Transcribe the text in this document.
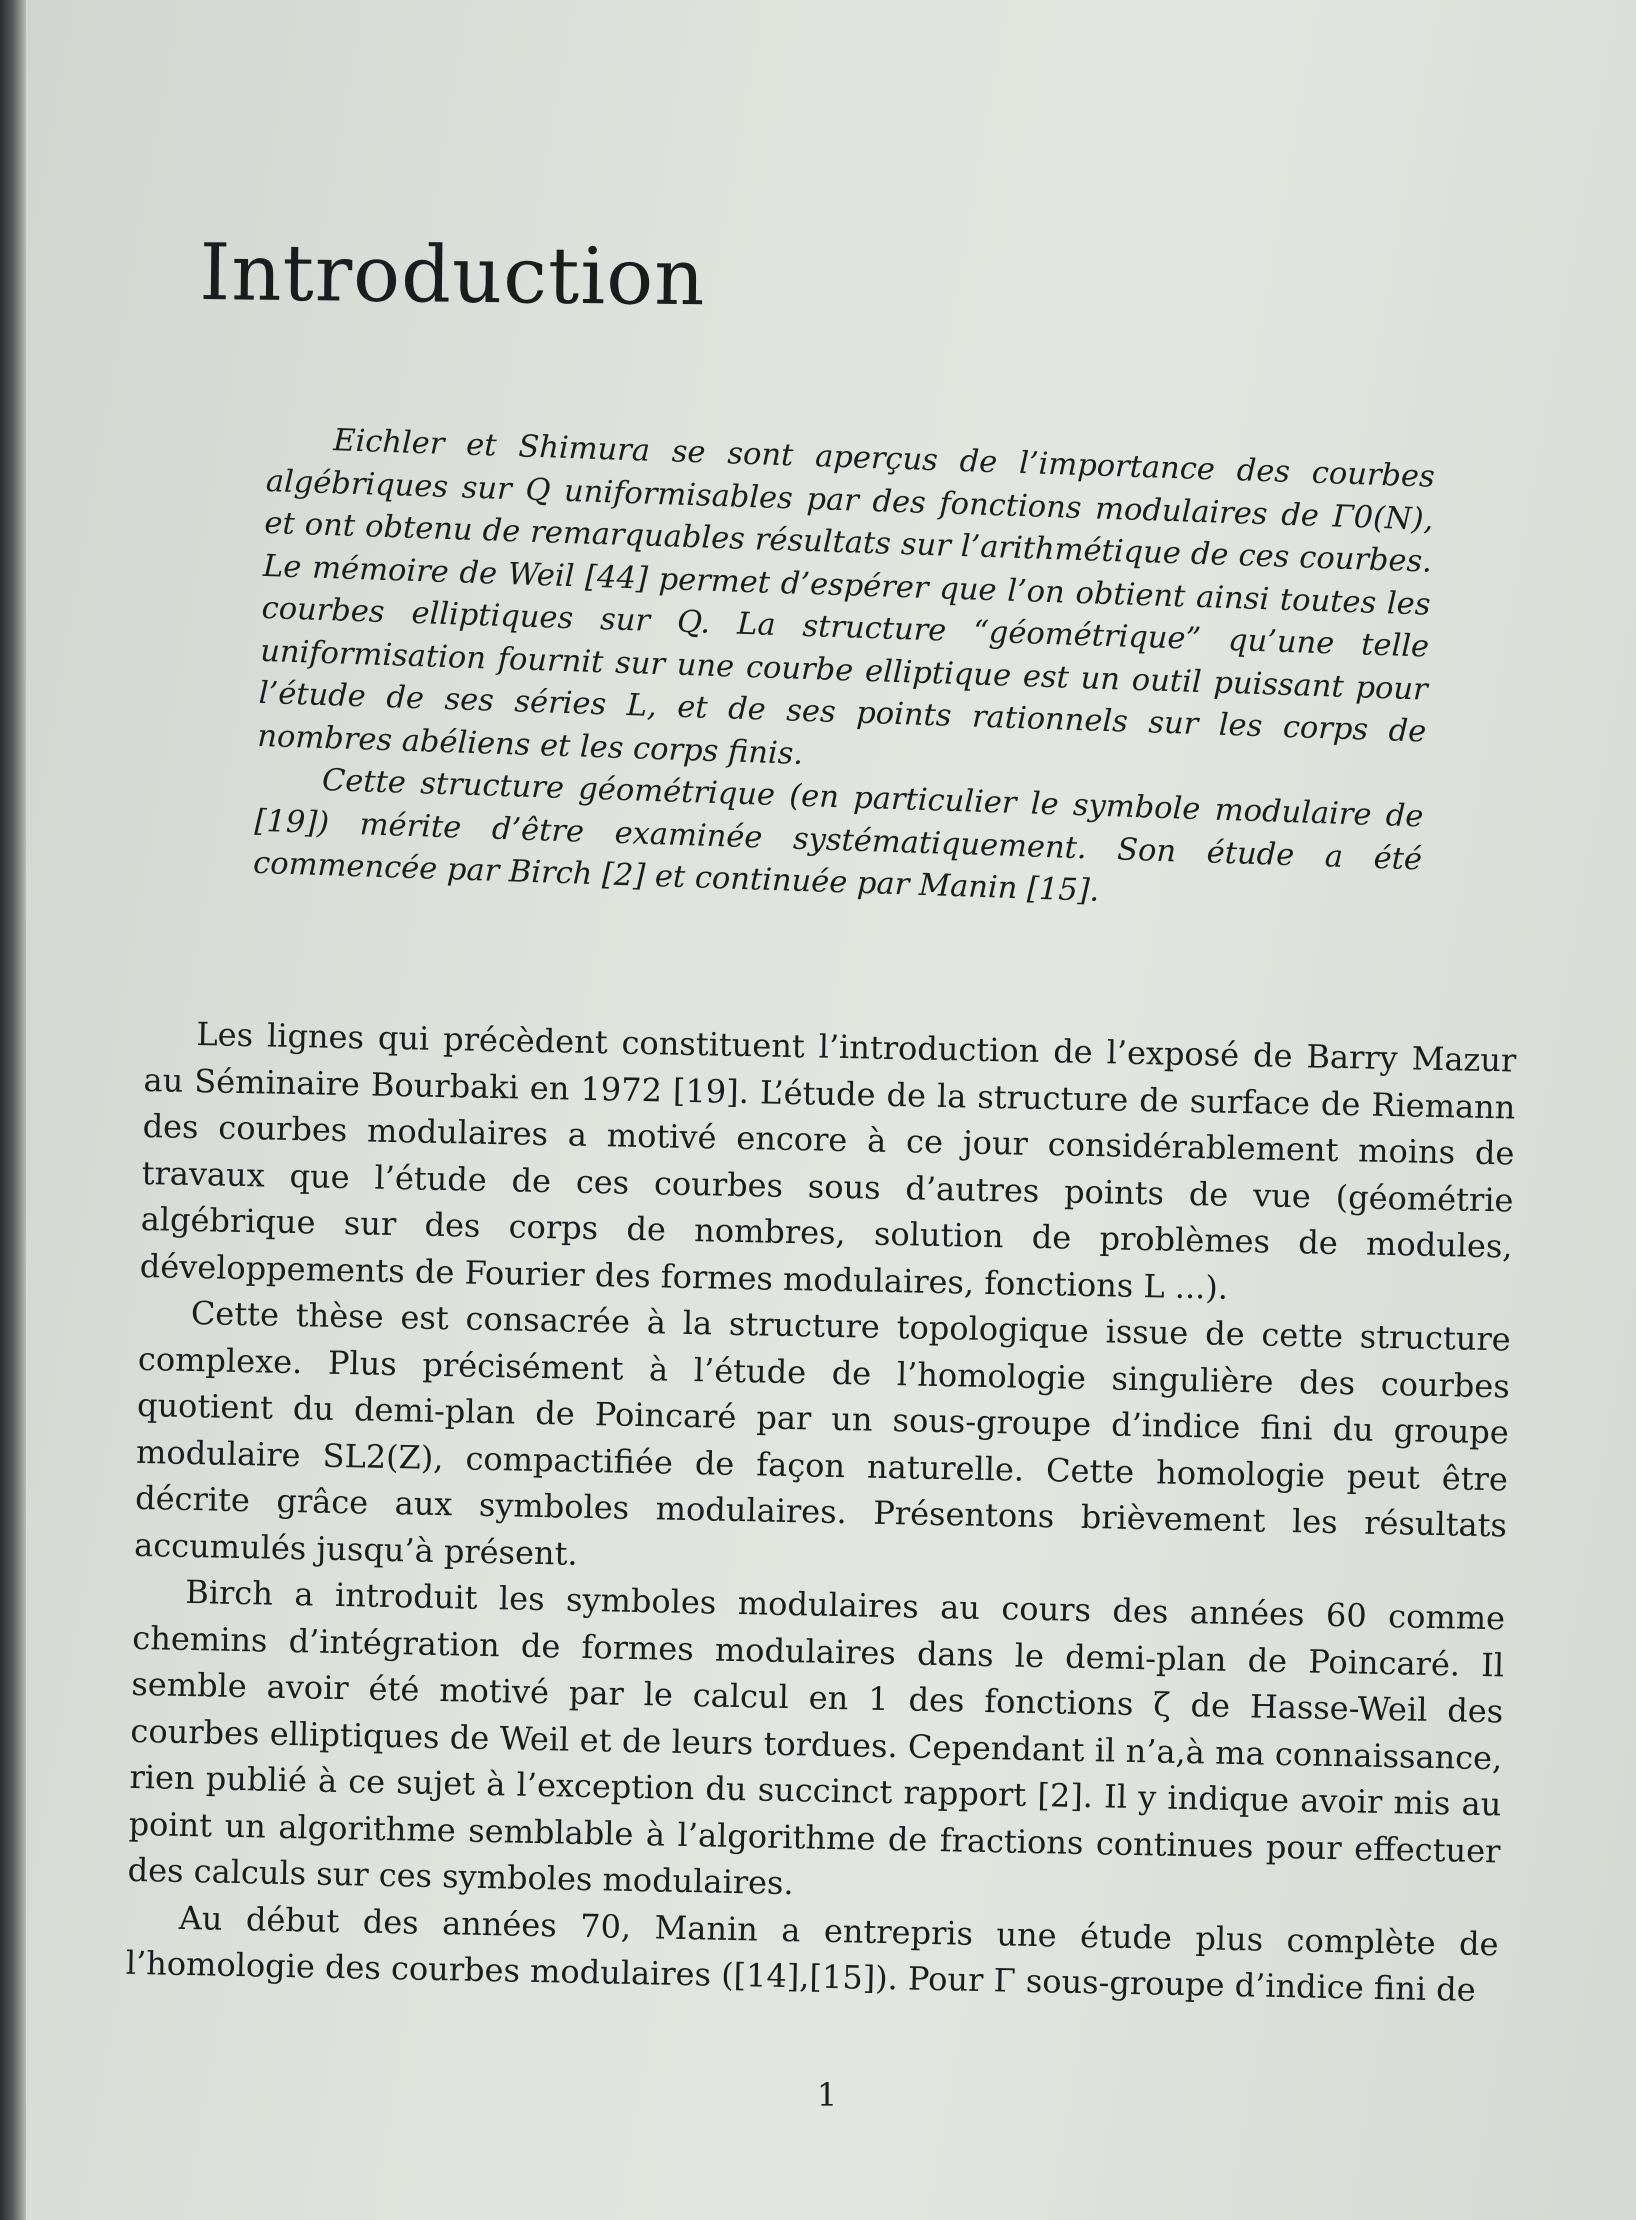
Introduction

Eichler et Shimura se sont aperçus de l’importance des courbes algébriques sur Q uniformisables par des fonctions modulaires de Γ0(N), et ont obtenu de remarquables résultats sur l’arithmétique de ces courbes. Le mémoire de Weil [44] permet d’espérer que l’on obtient ainsi toutes les courbes elliptiques sur Q. La structure “géométrique” qu’une telle uniformisation fournit sur une courbe elliptique est un outil puissant pour l’étude de ses séries L, et de ses points rationnels sur les corps de nombres abéliens et les corps finis.

Cette structure géométrique (en particulier le symbole modulaire de [19]) mérite d’être examinée systématiquement. Son étude a été commencée par Birch [2] et continuée par Manin [15].

Les lignes qui précèdent constituent l’introduction de l’exposé de Barry Mazur au Séminaire Bourbaki en 1972 [19]. L’étude de la structure de surface de Riemann des courbes modulaires a motivé encore à ce jour considérablement moins de travaux que l’étude de ces courbes sous d’autres points de vue (géométrie algébrique sur des corps de nombres, solution de problèmes de modules, développements de Fourier des formes modulaires, fonctions L ...).

Cette thèse est consacrée à la structure topologique issue de cette structure complexe. Plus précisément à l’étude de l’homologie singulière des courbes quotient du demi-plan de Poincaré par un sous-groupe d’indice fini du groupe modulaire SL2(Z), compactifiée de façon naturelle. Cette homologie peut être décrite grâce aux symboles modulaires. Présentons brièvement les résultats accumulés jusqu’à présent.

Birch a introduit les symboles modulaires au cours des années 60 comme chemins d’intégration de formes modulaires dans le demi-plan de Poincaré. Il semble avoir été motivé par le calcul en 1 des fonctions ζ de Hasse-Weil des courbes elliptiques de Weil et de leurs tordues. Cependant il n’a,à ma connaissance, rien publié à ce sujet à l’exception du succinct rapport [2]. Il y indique avoir mis au point un algorithme semblable à l’algorithme de fractions continues pour effectuer des calculs sur ces symboles modulaires.

Au début des années 70, Manin a entrepris une étude plus complète de l’homologie des courbes modulaires ([14],[15]). Pour Γ sous-groupe d’indice fini de

1
